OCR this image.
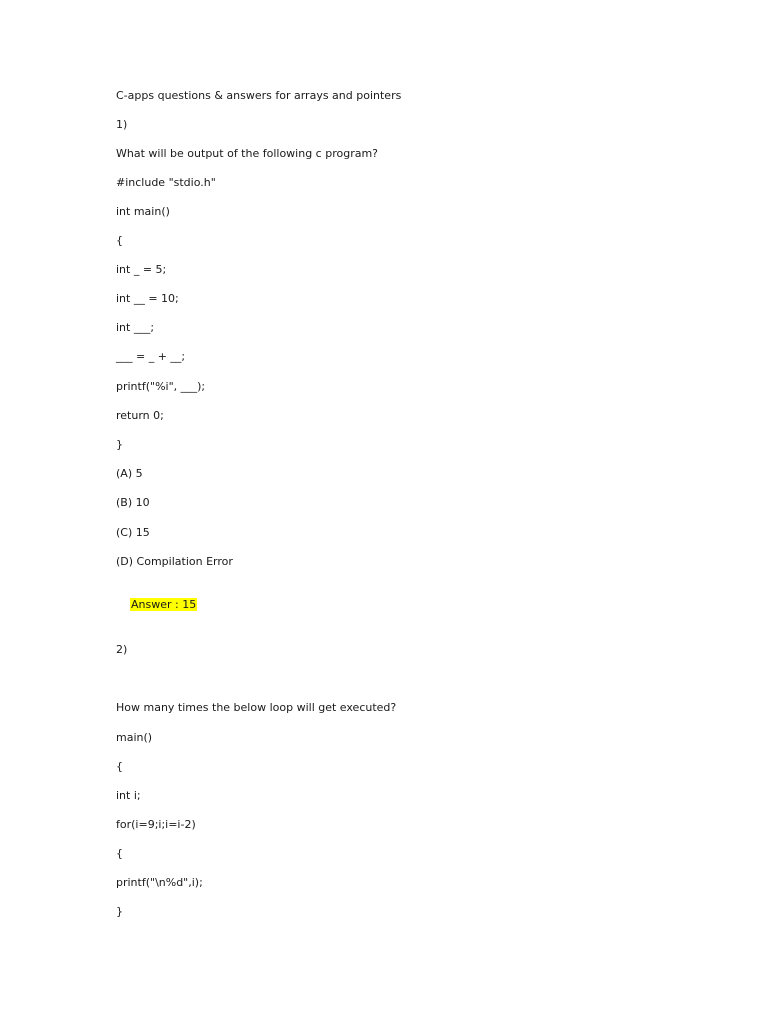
C-apps questions & answers for arrays and pointers
1)
What will be output of the following c program?
#include "stdio.h"
int main()
{
int _ = 5;
int __ = 10;
int ___;
___ = _ + __;
printf("%i", ___);
return 0;
}
(A) 5
(B) 10
(C) 15
(D) Compilation Error

Answer : 15

2)
How many times the below loop will get executed?
main()
{
int i;
for(i=9;i;i=i-2)
{
printf("\n%d",i);
}
